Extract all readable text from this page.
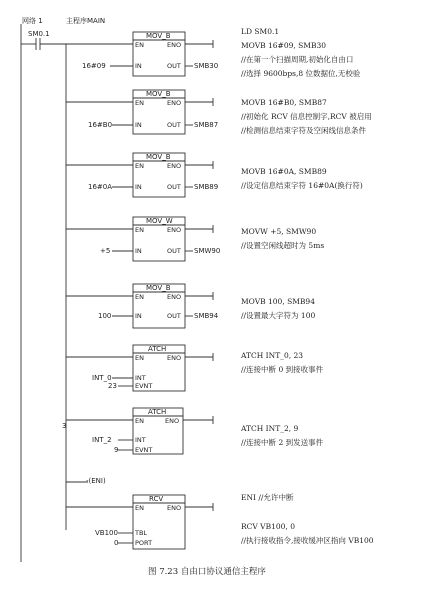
网络 1	主程序MAIN
SM0.1	MOV_B
EN	ENO
IN	OUT
16#09	SMB30
MOV_B
EN	ENO
IN	OUT
16#B0	SMB87
MOV_B
EN	ENO
IN	OUT
16#0A	SMB89
MOV_W
EN	ENO
IN	OUT
+5	SMW90
MOV_B
EN	ENO
IN	OUT
100	SMB94
ATCH
EN	ENO
INT
EVNT
INT_0
23
ATCH
EN	ENO
INT
EVNT
INT_2
9
-(ENI)
RCV
EN	ENO
TBL
PORT
VB100
0
3
LD SM0.1
MOVB 16#09, SMB30
//在第一个扫描周期,初始化自由口
//选择 9600bps,8 位数据位,无校验
MOVB 16#B0, SMB87
//初始化 RCV 信息控制字,RCV 被启用
//检测信息结束字符及空闲线信息条件
MOVB 16#0A, SMB89
//设定信息结束字符 16#0A(换行符)
MOVW +5, SMW90
//设置空闲线超时为 5ms
MOVB 100, SMB94
//设置最大字符为 100
ATCH INT_0, 23
//连接中断 0 到接收事件
ATCH INT_2, 9
//连接中断 2 到发送事件
ENI //允许中断
RCV VB100, 0
//执行接收指令,接收缓冲区指向 VB100
图 7.23 自由口协议通信主程序
